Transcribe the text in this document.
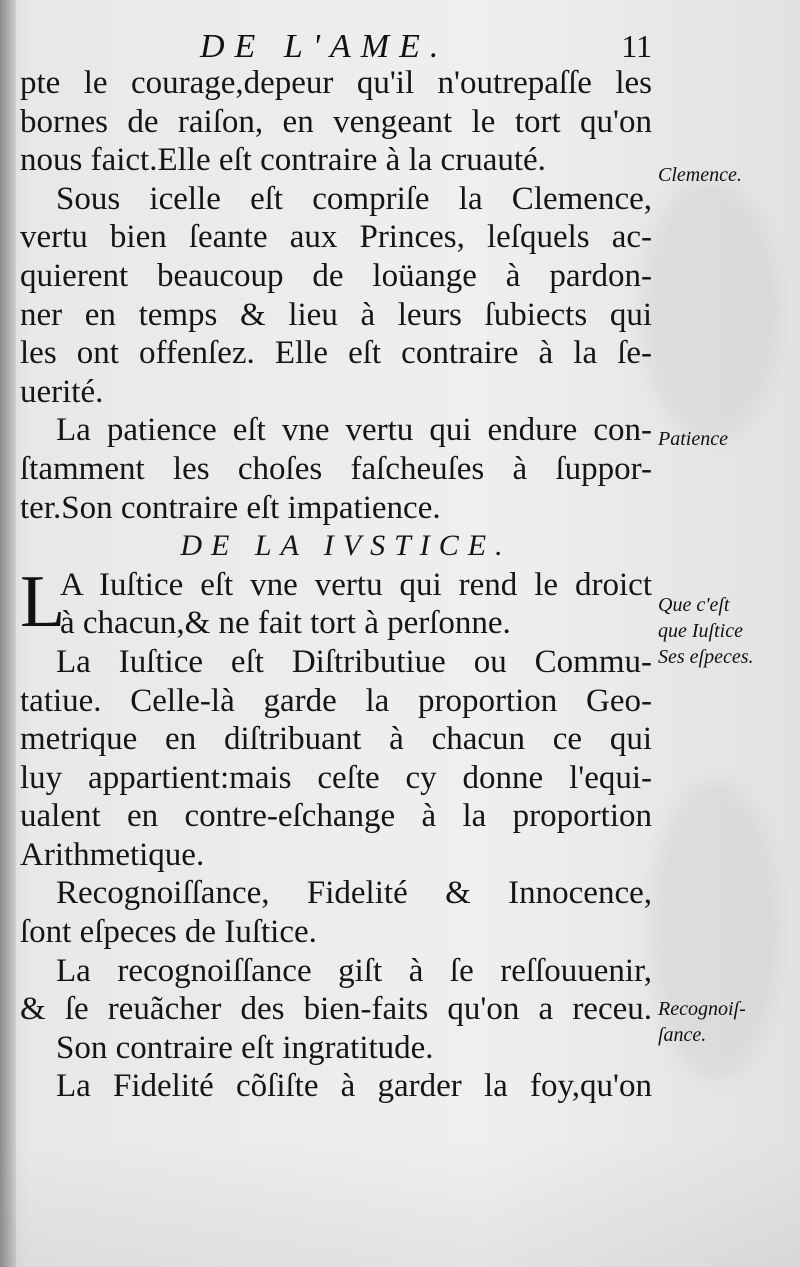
DE L'AME.	11
pte le courage,depeur qu'il n'outrepaſſe les
bornes de raiſon, en vengeant le tort qu'on
nous faict.Elle eſt contraire à la cruauté.
Sous icelle eſt compriſe la Clemence,
vertu bien ſeante aux Princes, leſquels ac-
quierent beaucoup de loüange à pardon-
ner en temps & lieu à leurs ſubiects qui
les ont offenſez. Elle eſt contraire à la ſe-
uerité.
La patience eſt vne vertu qui endure con-
ſtamment les choſes faſcheuſes à ſuppor-
ter.Son contraire eſt impatience.
DE LA IVSTICE.
L
A Iuſtice eſt vne vertu qui rend le droict
à chacun,& ne fait tort à perſonne.
La Iuſtice eſt Diſtributiue ou Commu-
tatiue. Celle-là garde la proportion Geo-
metrique en diſtribuant à chacun ce qui
luy appartient:mais ceſte cy donne l'equi-
ualent en contre-eſchange à la proportion
Arithmetique.
Recognoiſſance, Fidelité & Innocence,
ſont eſpeces de Iuſtice.
La recognoiſſance giſt à ſe reſſouuenir,
& ſe reuãcher des bien-faits qu'on a receu.
Son contraire eſt ingratitude.
La Fidelité cõſiſte à garder la foy,qu'on
Clemence.
Patience
Que c'eſt
que Iuſtice
Ses eſpeces.
Recognoiſ-
ſance.
